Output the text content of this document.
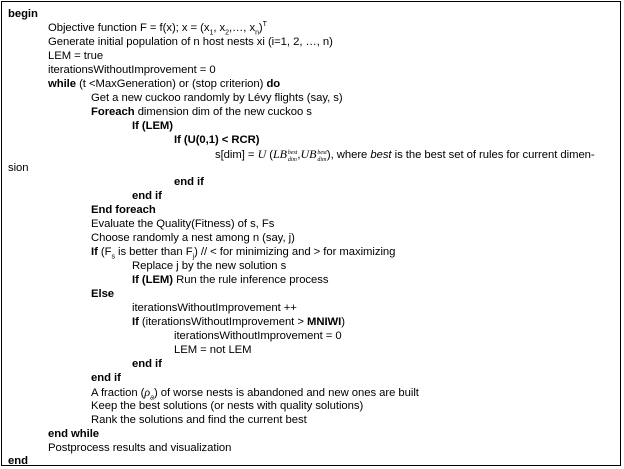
begin
Objective function F = f(x); $x = (x_1$, $x_2,\dots$, $x_n)^T$
Generate initial population of n host nests xi (i=1, 2, …, n)
LEM = true
iterationsWithoutImprovement = 0
while (t <MaxGeneration) or (stop criterion) do
Get a new cuckoo randomly by Lévy flights (say, s)
Foreach dimension dim of the new cuckoo s
If (LEM)
If (U(0,1) < RCR)
s[dim] = U (LB best
dim ,UB best
dim ), where best is the best set of rules for current dimen-
sion
end if
end if
End foreach
Evaluate the Quality(Fitness) of s, Fs
Choose randomly a nest among n (say, j)
If ($F_s$ is better than $F_j$) // < for minimizing and > for maximizing
Replace j by the new solution s
If (LEM) Run the rule inference process
Else
iterationsWithoutImprovement ++
If (iterationsWithoutImprovement > MNIWI)
iterationsWithoutImprovement = 0
LEM = not LEM
end if
end if
A fraction $(\rho_a)$ of worse nests is abandoned and new ones are built
Keep the best solutions (or nests with quality solutions)
Rank the solutions and find the current best
end while
Postprocess results and visualization
end
